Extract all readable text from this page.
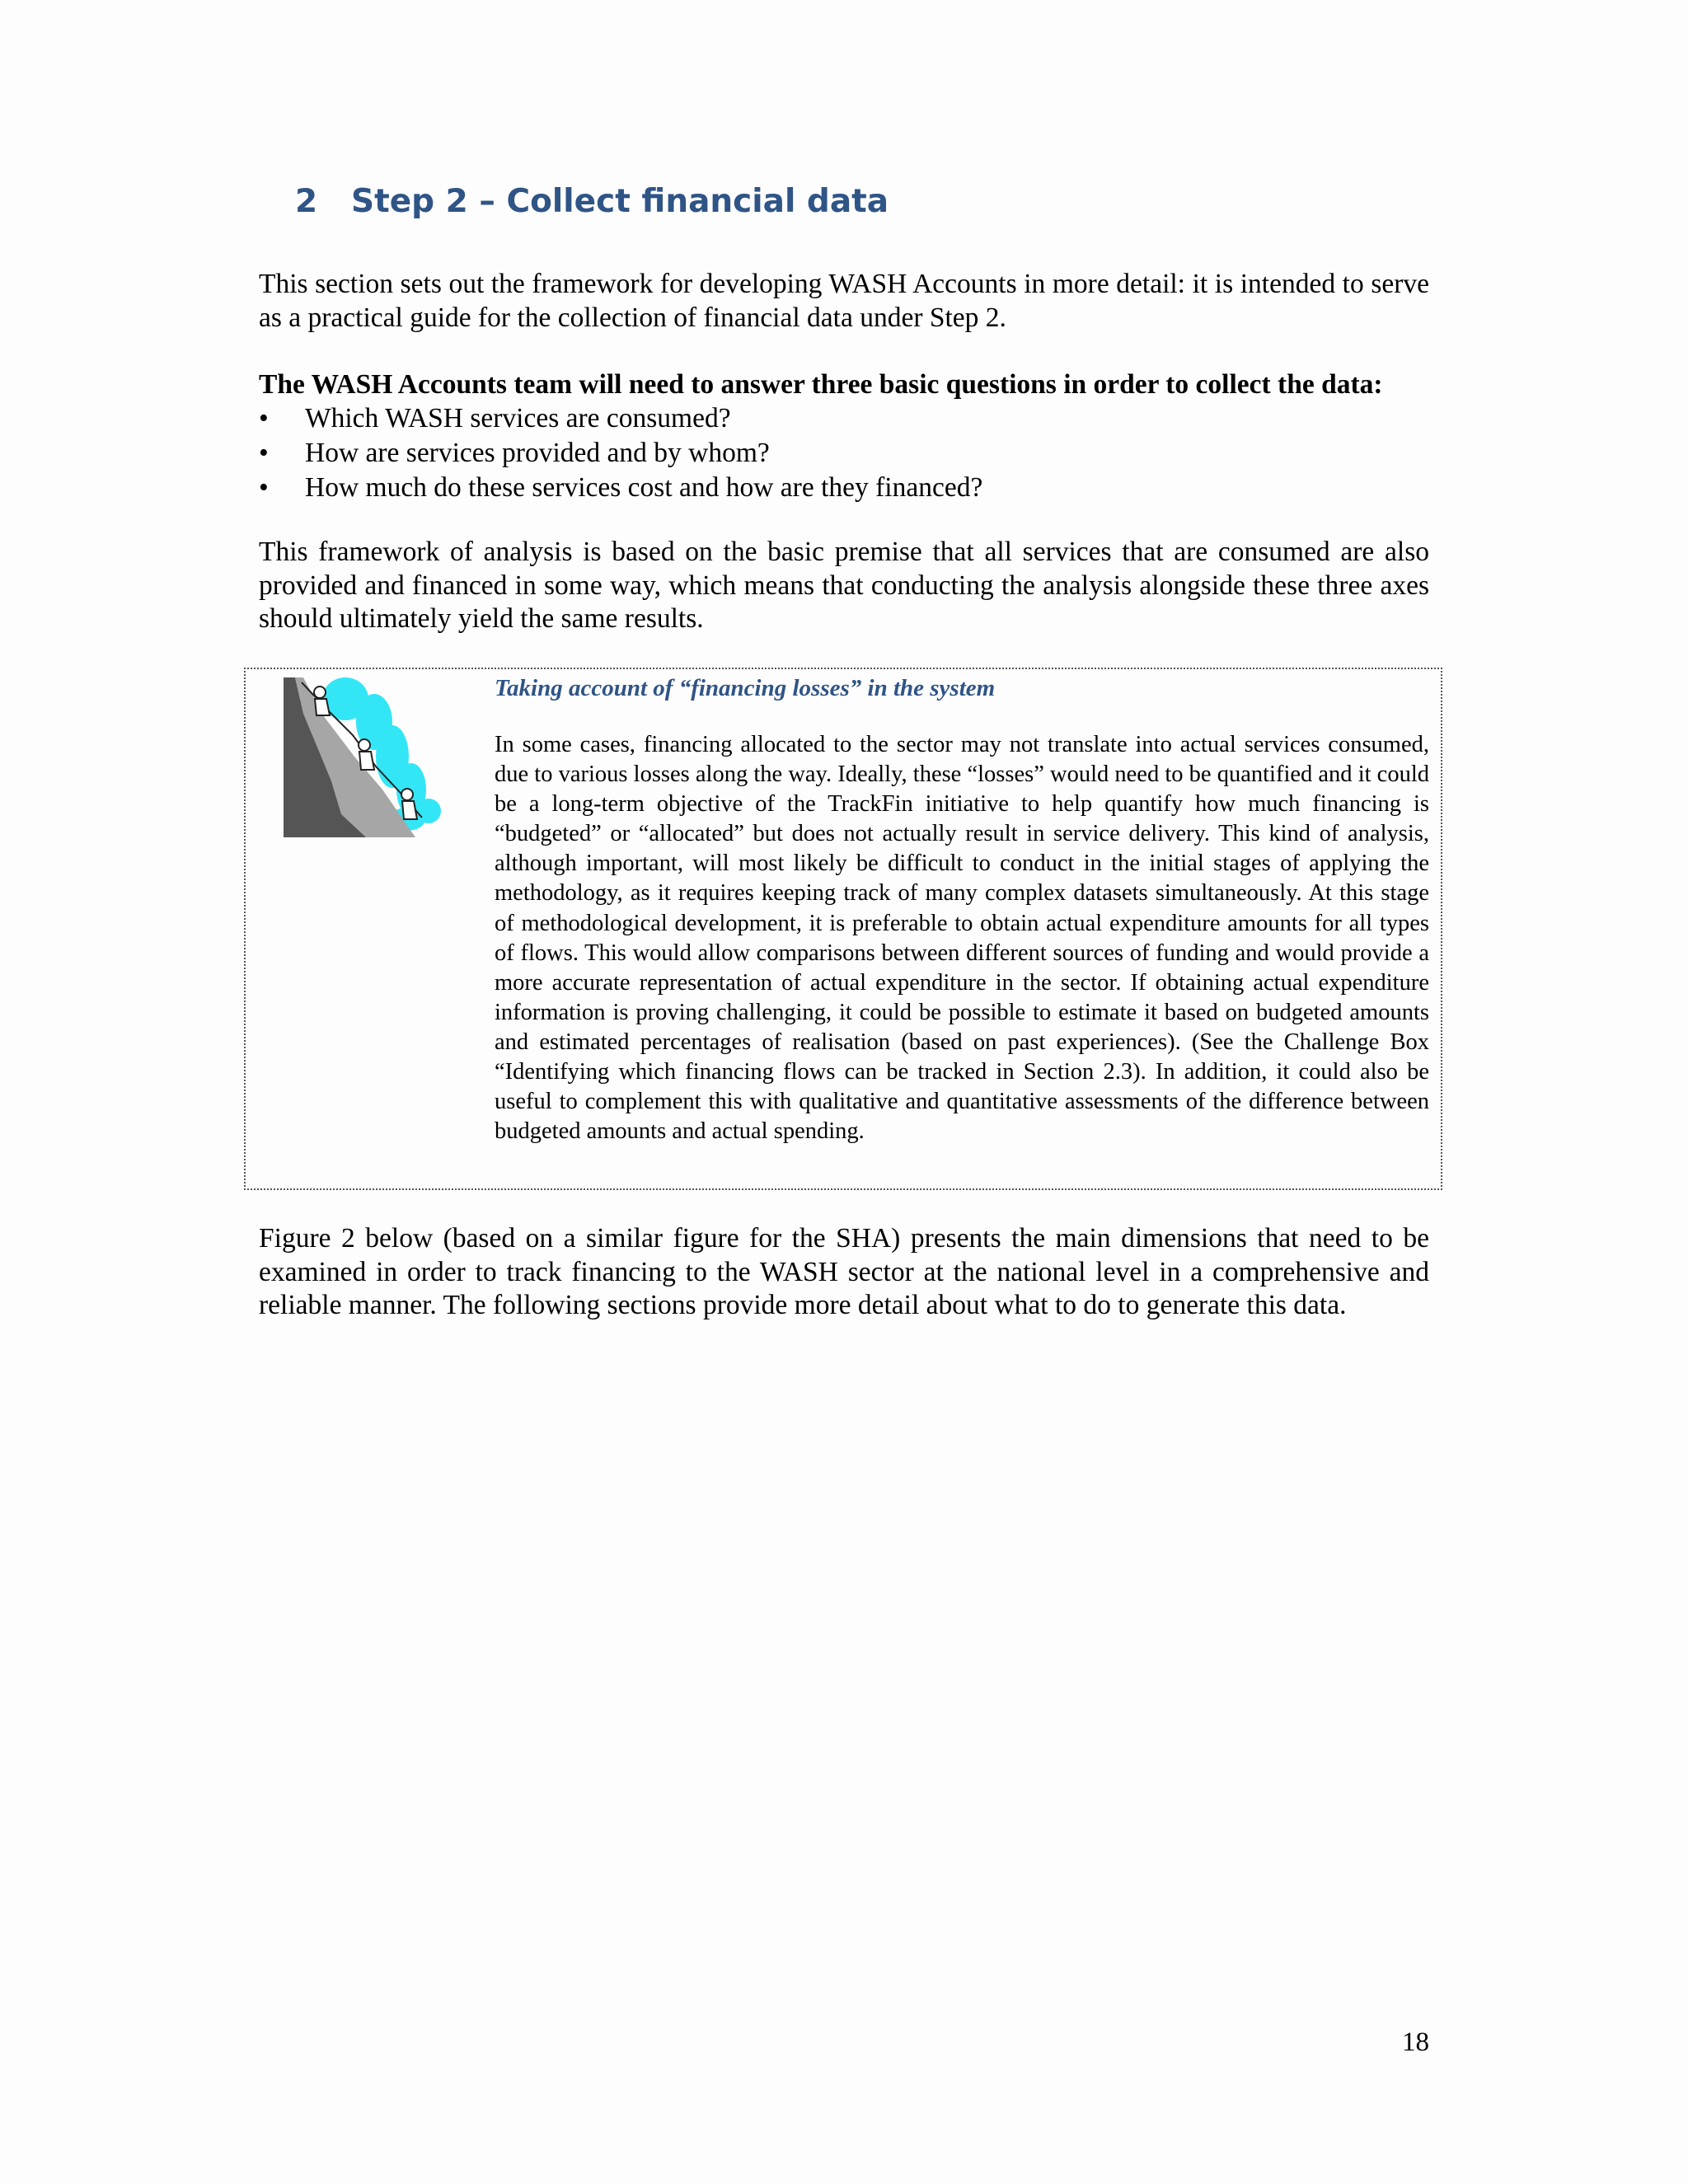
2 Step 2 – Collect financial data

This section sets out the framework for developing WASH Accounts in more detail: it is intended to serve as a practical guide for the collection of financial data under Step 2.

The WASH Accounts team will need to answer three basic questions in order to collect the data:

• Which WASH services are consumed?
• How are services provided and by whom?
• How much do these services cost and how are they financed?

This framework of analysis is based on the basic premise that all services that are consumed are also provided and financed in some way, which means that conducting the analysis alongside these three axes should ultimately yield the same results.

Taking account of “financing losses” in the system

In some cases, financing allocated to the sector may not translate into actual services consumed, due to various losses along the way. Ideally, these “losses” would need to be quantified and it could be a long-term objective of the TrackFin initiative to help quantify how much financing is “budgeted” or “allocated” but does not actually result in service delivery. This kind of analysis, although important, will most likely be difficult to conduct in the initial stages of applying the methodology, as it requires keeping track of many complex datasets simultaneously. At this stage of methodological development, it is preferable to obtain actual expenditure amounts for all types of flows. This would allow comparisons between different sources of funding and would provide a more accurate representation of actual expenditure in the sector. If obtaining actual expenditure information is proving challenging, it could be possible to estimate it based on budgeted amounts and estimated percentages of realisation (based on past experiences). (See the Challenge Box “Identifying which financing flows can be tracked in Section 2.3). In addition, it could also be useful to complement this with qualitative and quantitative assessments of the difference between budgeted amounts and actual spending.

Figure 2 below (based on a similar figure for the SHA) presents the main dimensions that need to be examined in order to track financing to the WASH sector at the national level in a comprehensive and reliable manner. The following sections provide more detail about what to do to generate this data.

18
